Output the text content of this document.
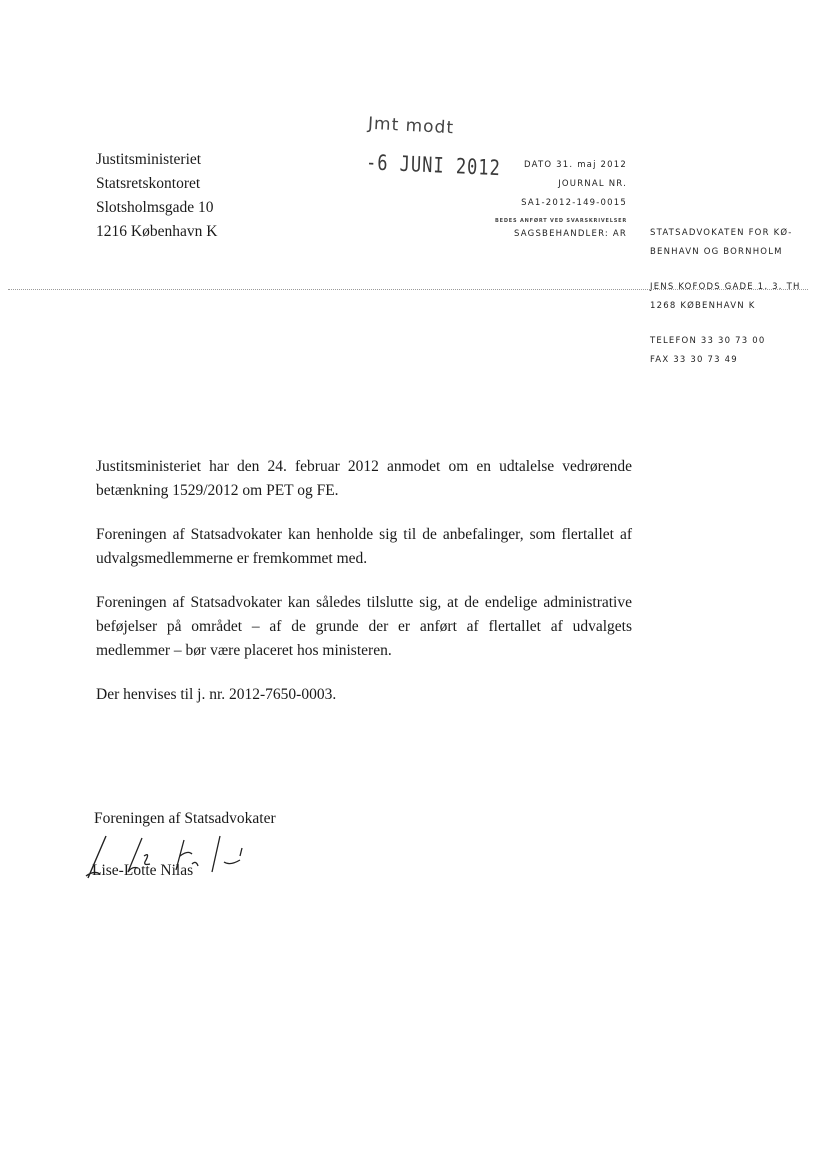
Justitsministeriet
Statsretskontoret
Slotsholmsgade 10
1216 København K
Jmt modt
-6 JUNI 2012	DATO 31. maj 2012
JOURNAL NR.
SA1-2012-149-0015
BEDES ANFØRT VED SVARSKRIVELSER
SAGSBEHANDLER: AR	STATSADVOKATEN FOR KØ-
BENHAVN OG BORNHOLM
JENS KOFODS GADE 1, 3. TH
1268 KØBENHAVN K
TELEFON 33 30 73 00
FAX 33 30 73 49

Justitsministeriet har den 24. februar 2012 anmodet om en udtalelse vedrørende betænkning 1529/2012 om PET og FE.

Foreningen af Statsadvokater kan henholde sig til de anbefalinger, som flertallet af udvalgsmedlemmerne er fremkommet med.

Foreningen af Statsadvokater kan således tilslutte sig, at de endelige administrative beføjelser på området – af de grunde der er anført af flertallet af udvalgets medlemmer – bør være placeret hos ministeren.

Der henvises til j. nr. 2012-7650-0003.

Foreningen af Statsadvokater
Lise-Lotte Nilas
